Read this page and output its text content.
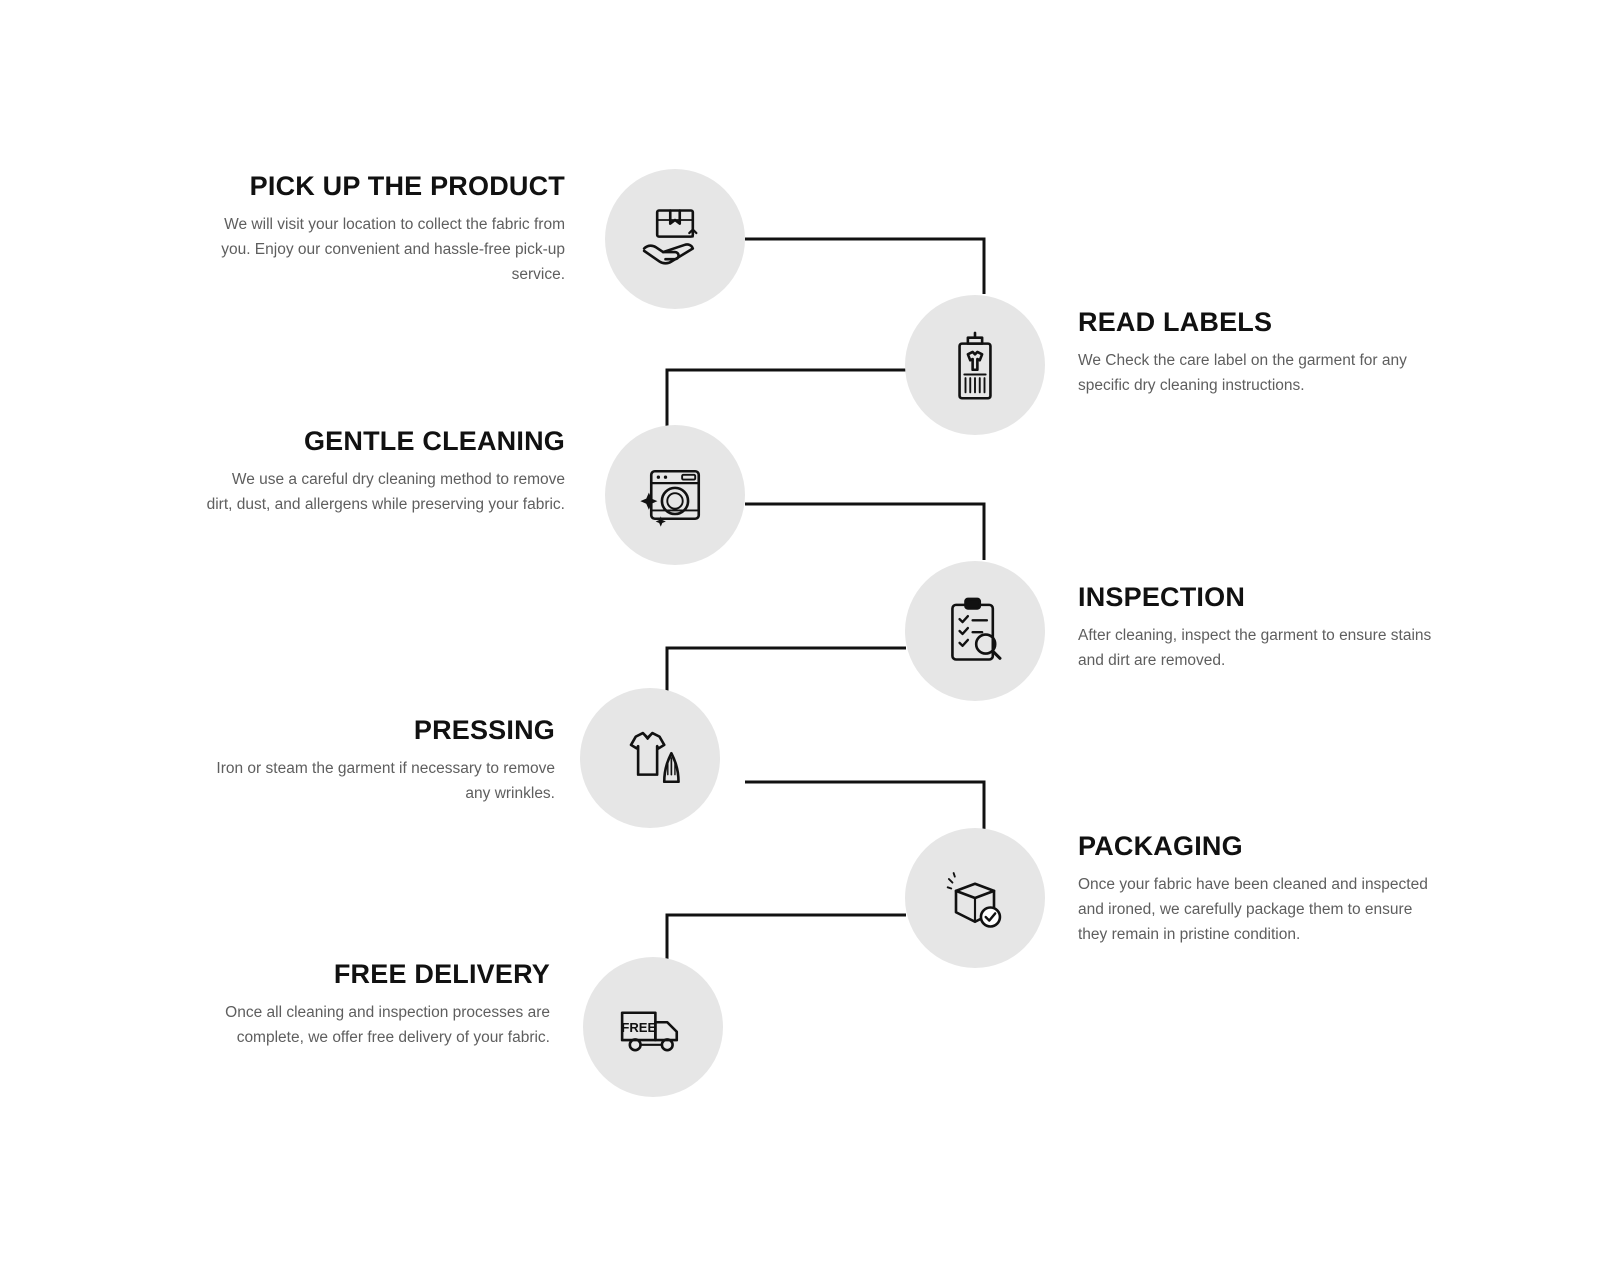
PICK UP THE PRODUCT

We will visit your location to collect the fabric from you. Enjoy our convenient and hassle-free pick-up service.

READ LABELS

We Check the care label on the garment for any specific dry cleaning instructions.

GENTLE CLEANING

We use a careful dry cleaning method to remove dirt, dust, and allergens while preserving your fabric.

INSPECTION

After cleaning, inspect the garment to ensure stains and dirt are removed.

PRESSING

Iron or steam the garment if necessary to remove any wrinkles.

PACKAGING

Once your fabric have been cleaned and inspected and ironed, we carefully package them to ensure they remain in pristine condition.

FREE DELIVERY

Once all cleaning and inspection processes are complete, we offer free delivery of your fabric.

FREE
